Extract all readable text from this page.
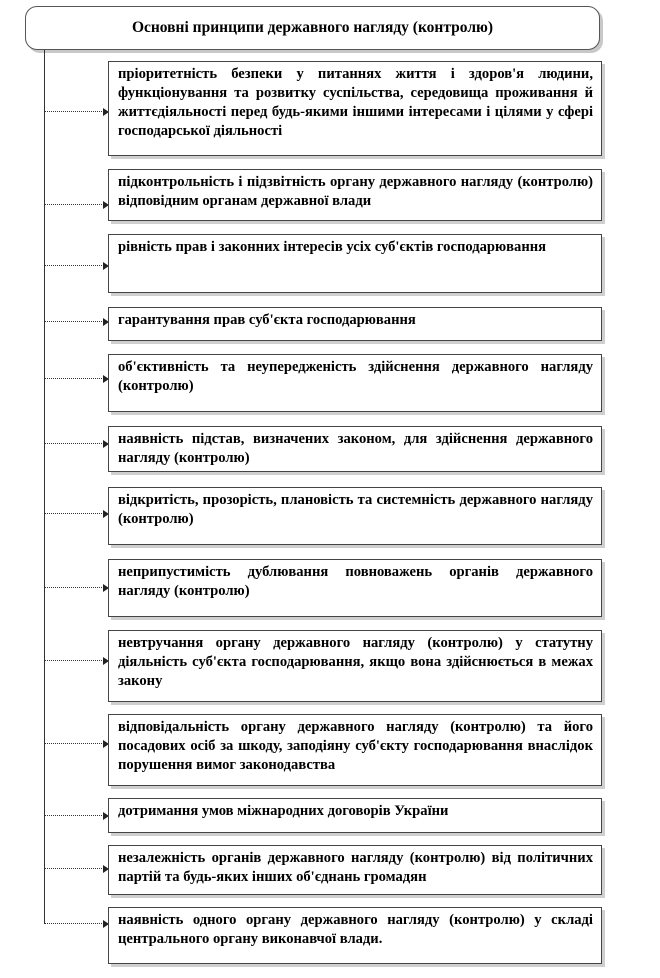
Основні принципи державного нагляду (контролю)
пріоритетність безпеки у питаннях життя і здоров'я людини, функціонування та розвитку суспільства, середовища проживання й життєдіяльності перед будь-якими іншими інтересами і цілями у сфері господарської діяльності
підконтрольність і підзвітність органу державного нагляду (контролю) відповідним органам державної влади
рівність прав і законних інтересів усіх суб'єктів господарювання
гарантування прав суб'єкта господарювання
об'єктивність та неупередженість здійснення державного нагляду (контролю)
наявність підстав, визначених законом, для здійснення державного нагляду (контролю)
відкритість, прозорість, плановість та системність державного нагляду (контролю)
неприпустимість дублювання повноважень органів державного нагляду (контролю)
невтручання органу державного нагляду (контролю) у статутну діяльність суб'єкта господарювання, якщо вона здійснюється в межах закону
відповідальність органу державного нагляду (контролю) та його посадових осіб за шкоду, заподіяну суб'єкту господарювання внаслідок порушення вимог законодавства
дотримання умов міжнародних договорів України
незалежність органів державного нагляду (контролю) від політичних партій та будь-яких інших об'єднань громадян
наявність одного органу державного нагляду (контролю) у складі центрального органу виконавчої влади.
